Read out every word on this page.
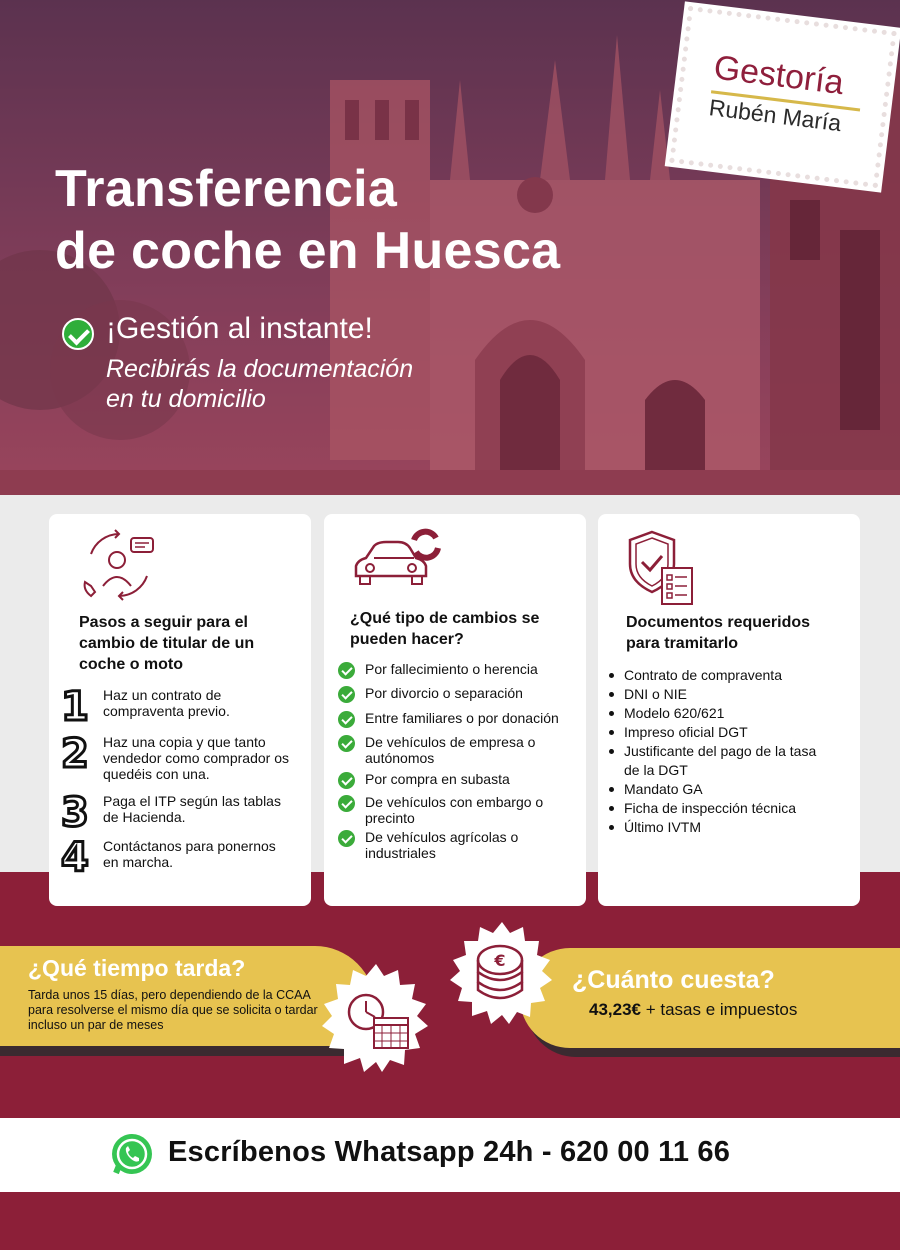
Transferencia
de coche en Huesca
¡Gestión al instante!
Recibirás la documentación
en tu domicilio
Gestoría
Rubén María
Pasos a seguir para el cambio de titular de un coche o moto
1 Haz un contrato de compraventa previo.
2 Haz una copia y que tanto vendedor como comprador os quedéis con una.
3 Paga el ITP según las tablas de Hacienda.
4 Contáctanos para ponernos en marcha.
¿Qué tipo de cambios se pueden hacer?
Por fallecimiento o herencia
Por divorcio o separación
Entre familiares o por donación
De vehículos de empresa o autónomos
Por compra en subasta
De vehículos con embargo o precinto
De vehículos agrícolas o industriales
Documentos requeridos para tramitarlo
Contrato de compraventa
DNI o NIE
Modelo 620/621
Impreso oficial DGT
Justificante del pago de la tasa de la DGT
Mandato GA
Ficha de inspección técnica
Último IVTM
¿Qué tiempo tarda?
Tarda unos 15 días, pero dependiendo de la CCAA para resolverse el mismo día que se solicita o tardar incluso un par de meses
¿Cuánto cuesta?
43,23€ + tasas e impuestos
€
Escríbenos Whatsapp 24h - 620 00 11 66
